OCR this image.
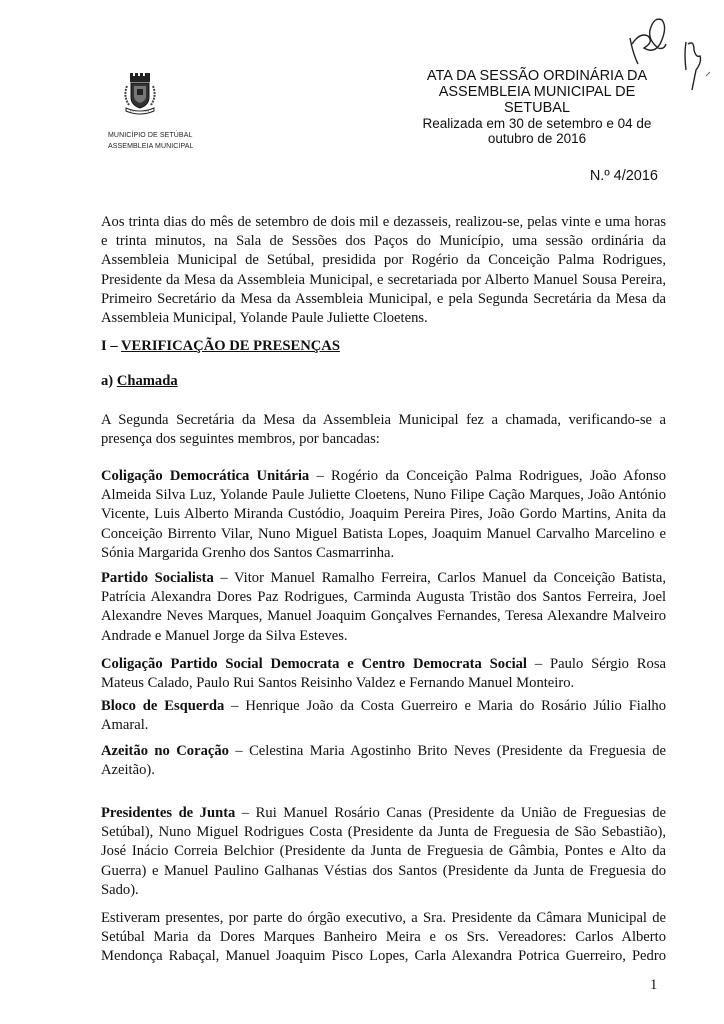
MUNICÍPIO DE SETÚBAL
ASSEMBLEIA MUNICIPAL
ATA DA SESSÃO ORDINÁRIA DA
ASSEMBLEIA MUNICIPAL DE
SETUBAL
Realizada em 30 de setembro e 04 de
outubro de 2016
N.º 4/2016

Aos trinta dias do mês de setembro de dois mil e dezasseis, realizou-se, pelas vinte e uma horas e trinta minutos, na Sala de Sessões dos Paços do Município, uma sessão ordinária da Assembleia Municipal de Setúbal, presidida por Rogério da Conceição Palma Rodrigues, Presidente da Mesa da Assembleia Municipal, e secretariada por Alberto Manuel Sousa Pereira, Primeiro Secretário da Mesa da Assembleia Municipal, e pela Segunda Secretária da Mesa da Assembleia Municipal, Yolande Paule Juliette Cloetens.

I – VERIFICAÇÃO DE PRESENÇAS
a) Chamada

A Segunda Secretária da Mesa da Assembleia Municipal fez a chamada, verificando-se a presença dos seguintes membros, por bancadas:

Coligação Democrática Unitária – Rogério da Conceição Palma Rodrigues, João Afonso Almeida Silva Luz, Yolande Paule Juliette Cloetens, Nuno Filipe Cação Marques, João António Vicente, Luis Alberto Miranda Custódio, Joaquim Pereira Pires, João Gordo Martins, Anita da Conceição Birrento Vilar, Nuno Miguel Batista Lopes, Joaquim Manuel Carvalho Marcelino e Sónia Margarida Grenho dos Santos Casmarrinha.

Partido Socialista – Vitor Manuel Ramalho Ferreira, Carlos Manuel da Conceição Batista, Patrícia Alexandra Dores Paz Rodrigues, Carminda Augusta Tristão dos Santos Ferreira, Joel Alexandre Neves Marques, Manuel Joaquim Gonçalves Fernandes, Teresa Alexandre Malveiro Andrade e Manuel Jorge da Silva Esteves.

Coligação Partido Social Democrata e Centro Democrata Social – Paulo Sérgio Rosa Mateus Calado, Paulo Rui Santos Reisinho Valdez e Fernando Manuel Monteiro.

Bloco de Esquerda – Henrique João da Costa Guerreiro e Maria do Rosário Júlio Fialho Amaral.

Azeitão no Coração – Celestina Maria Agostinho Brito Neves (Presidente da Freguesia de Azeitão).

Presidentes de Junta – Rui Manuel Rosário Canas (Presidente da União de Freguesias de Setúbal), Nuno Miguel Rodrigues Costa (Presidente da Junta de Freguesia de São Sebastião), José Inácio Correia Belchior (Presidente da Junta de Freguesia de Gâmbia, Pontes e Alto da Guerra) e Manuel Paulino Galhanas Véstias dos Santos (Presidente da Junta de Freguesia do Sado).

Estiveram presentes, por parte do órgão executivo, a Sra. Presidente da Câmara Municipal de Setúbal Maria da Dores Marques Banheiro Meira e os Srs. Vereadores: Carlos Alberto Mendonça Rabaçal, Manuel Joaquim Pisco Lopes, Carla Alexandra Potrica Guerreiro, Pedro

1
